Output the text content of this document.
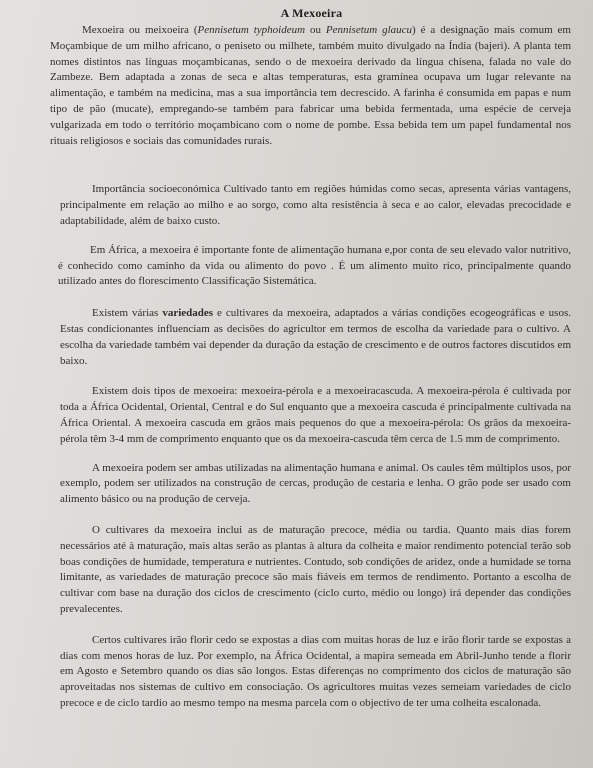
A Mexoeira

Mexoeira ou meixoeira (Pennisetum typhoideum ou Pennisetum glaucu) é a designação mais comum em Moçambique de um milho africano, o peniseto ou milhete, também muito divulgado na Índia (bajeri). A planta tem nomes distintos nas línguas moçambicanas, sendo o de mexoeira derivado da língua chisena, falada no vale do Zambeze. Bem adaptada a zonas de seca e altas temperaturas, esta gramínea ocupava um lugar relevante na alimentação, e também na medicina, mas a sua importância tem decrescido. A farinha é consumida em papas e num tipo de pão (mucate), empregando-se também para fabricar uma bebida fermentada, uma espécie de cerveja vulgarizada em todo o território moçambicano com o nome de pombe. Essa bebida tem um papel fundamental nos rituais religiosos e sociais das comunidades rurais.

Importância socioeconómica Cultivado tanto em regiões húmidas como secas, apresenta várias vantagens, principalmente em relação ao milho e ao sorgo, como alta resistência à seca e ao calor, elevadas precocidade e adaptabilidade, além de baixo custo.

Em África, a mexoeira é importante fonte de alimentação humana e,por conta de seu elevado valor nutritivo, é conhecido como caminho da vida ou alimento do povo . É um alimento muito rico, principalmente quando utilizado antes do florescimento Classificação Sistemática.

Existem várias variedades e cultivares da mexoeira, adaptados a várias condições ecogeográficas e usos. Estas condicionantes influenciam as decisões do agricultor em termos de escolha da variedade para o cultivo. A escolha da variedade também vai depender da duração da estação de crescimento e de outros factores discutidos em baixo.

Existem dois tipos de mexoeira: mexoeira-pérola e a mexoeiracascuda. A mexoeira-pérola é cultivada por toda a África Ocidental, Oriental, Central e do Sul enquanto que a mexoeira cascuda é principalmente cultivada na África Oriental. A mexoeira cascuda em grãos mais pequenos do que a mexoeira-pérola: Os grãos da mexoeira-pérola têm 3-4 mm de comprimento enquanto que os da mexoeira-cascuda têm cerca de 1.5 mm de comprimento.

A mexoeira podem ser ambas utilizadas na alimentação humana e animal. Os caules têm múltiplos usos, por exemplo, podem ser utilizados na construção de cercas, produção de cestaria e lenha. O grão pode ser usado com alimento básico ou na produção de cerveja.

O cultivares da mexoeira inclui as de maturação precoce, média ou tardia. Quanto mais dias forem necessários até à maturação, mais altas serão as plantas à altura da colheita e maior rendimento potencial terão sob boas condições de humidade, temperatura e nutrientes. Contudo, sob condições de aridez, onde a humidade se torna limitante, as variedades de maturação precoce são mais fiáveis em termos de rendimento. Portanto a escolha de cultivar com base na duração dos ciclos de crescimento (ciclo curto, médio ou longo) irá depender das condições prevalecentes.

Certos cultivares irão florir cedo se expostas a dias com muitas horas de luz e irão florir tarde se expostas a dias com menos horas de luz. Por exemplo, na África Ocidental, a mapira semeada em Abril-Junho tende a florir em Agosto e Setembro quando os dias são longos. Estas diferenças no comprimento dos ciclos de maturação são aproveitadas nos sistemas de cultivo em consociação. Os agricultores muitas vezes semeiam variedades de ciclo precoce e de ciclo tardio ao mesmo tempo na mesma parcela com o objectivo de ter uma colheita escalonada.
